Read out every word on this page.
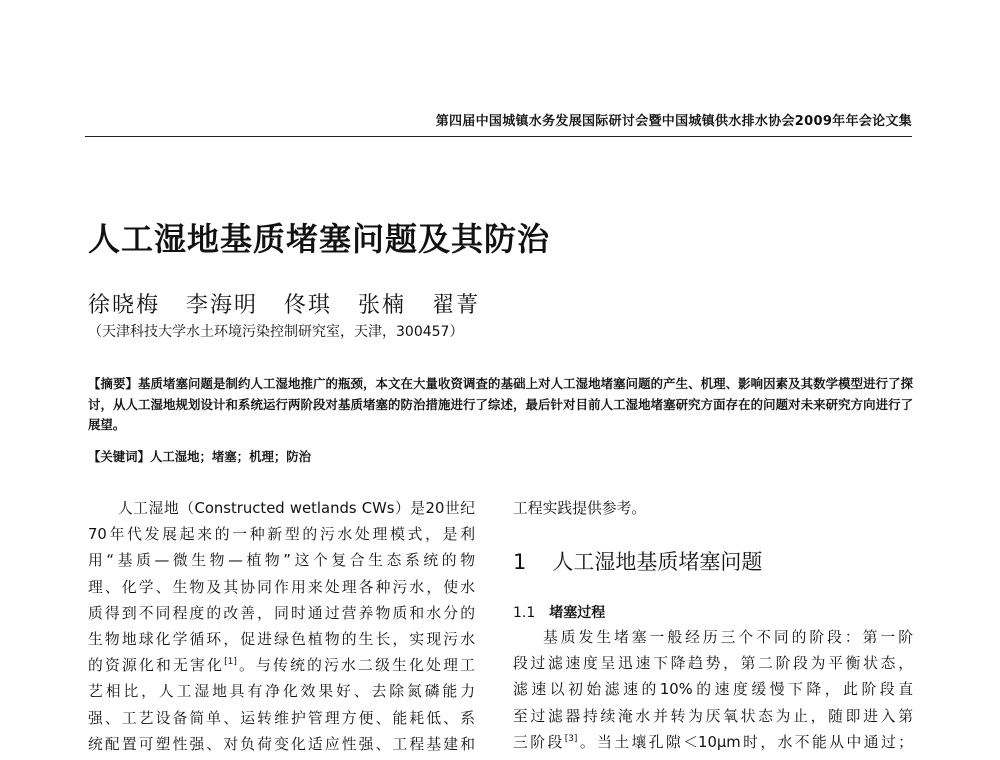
第四届中国城镇水务发展国际研讨会暨中国城镇供水排水协会2009年年会论文集
人工湿地基质堵塞问题及其防治
徐晓梅 李海明 佟琪 张楠 翟菁
（天津科技大学水土环境污染控制研究室，天津，300457）
【摘要】基质堵塞问题是制约人工湿地推广的瓶颈，本文在大量收资调查的基础上对人工湿地堵塞问题的产生、机理、影响因素及其数学模型进行了探讨，从人工湿地规划设计和系统运行两阶段对基质堵塞的防治措施进行了综述，最后针对目前人工湿地堵塞研究方面存在的问题对未来研究方向进行了展望。
【关键词】人工湿地；堵塞；机理；防治
人工湿地（Constructed wetlands CWs）是20世纪
70年代发展起来的一种新型的污水处理模式，是利
用“基质—微生物—植物”这个复合生态系统的物
理、化学、生物及其协同作用来处理各种污水，使水
质得到不同程度的改善，同时通过营养物质和水分的
生物地球化学循环，促进绿色植物的生长，实现污水
的资源化和无害化[1]。与传统的污水二级生化处理工
艺相比，人工湿地具有净化效果好、去除氮磷能力
强、工艺设备简单、运转维护管理方便、能耗低、系
统配置可塑性强、对负荷变化适应性强、工程基建和
工程实践提供参考。
1 人工湿地基质堵塞问题
1.1 堵塞过程
基质发生堵塞一般经历三个不同的阶段：第一阶
段过滤速度呈迅速下降趋势，第二阶段为平衡状态，
滤速以初始滤速的10%的速度缓慢下降，此阶段直
至过滤器持续淹水并转为厌氧状态为止，随即进入第
三阶段[3]。当土壤孔隙＜10μm时，水不能从中通过；
